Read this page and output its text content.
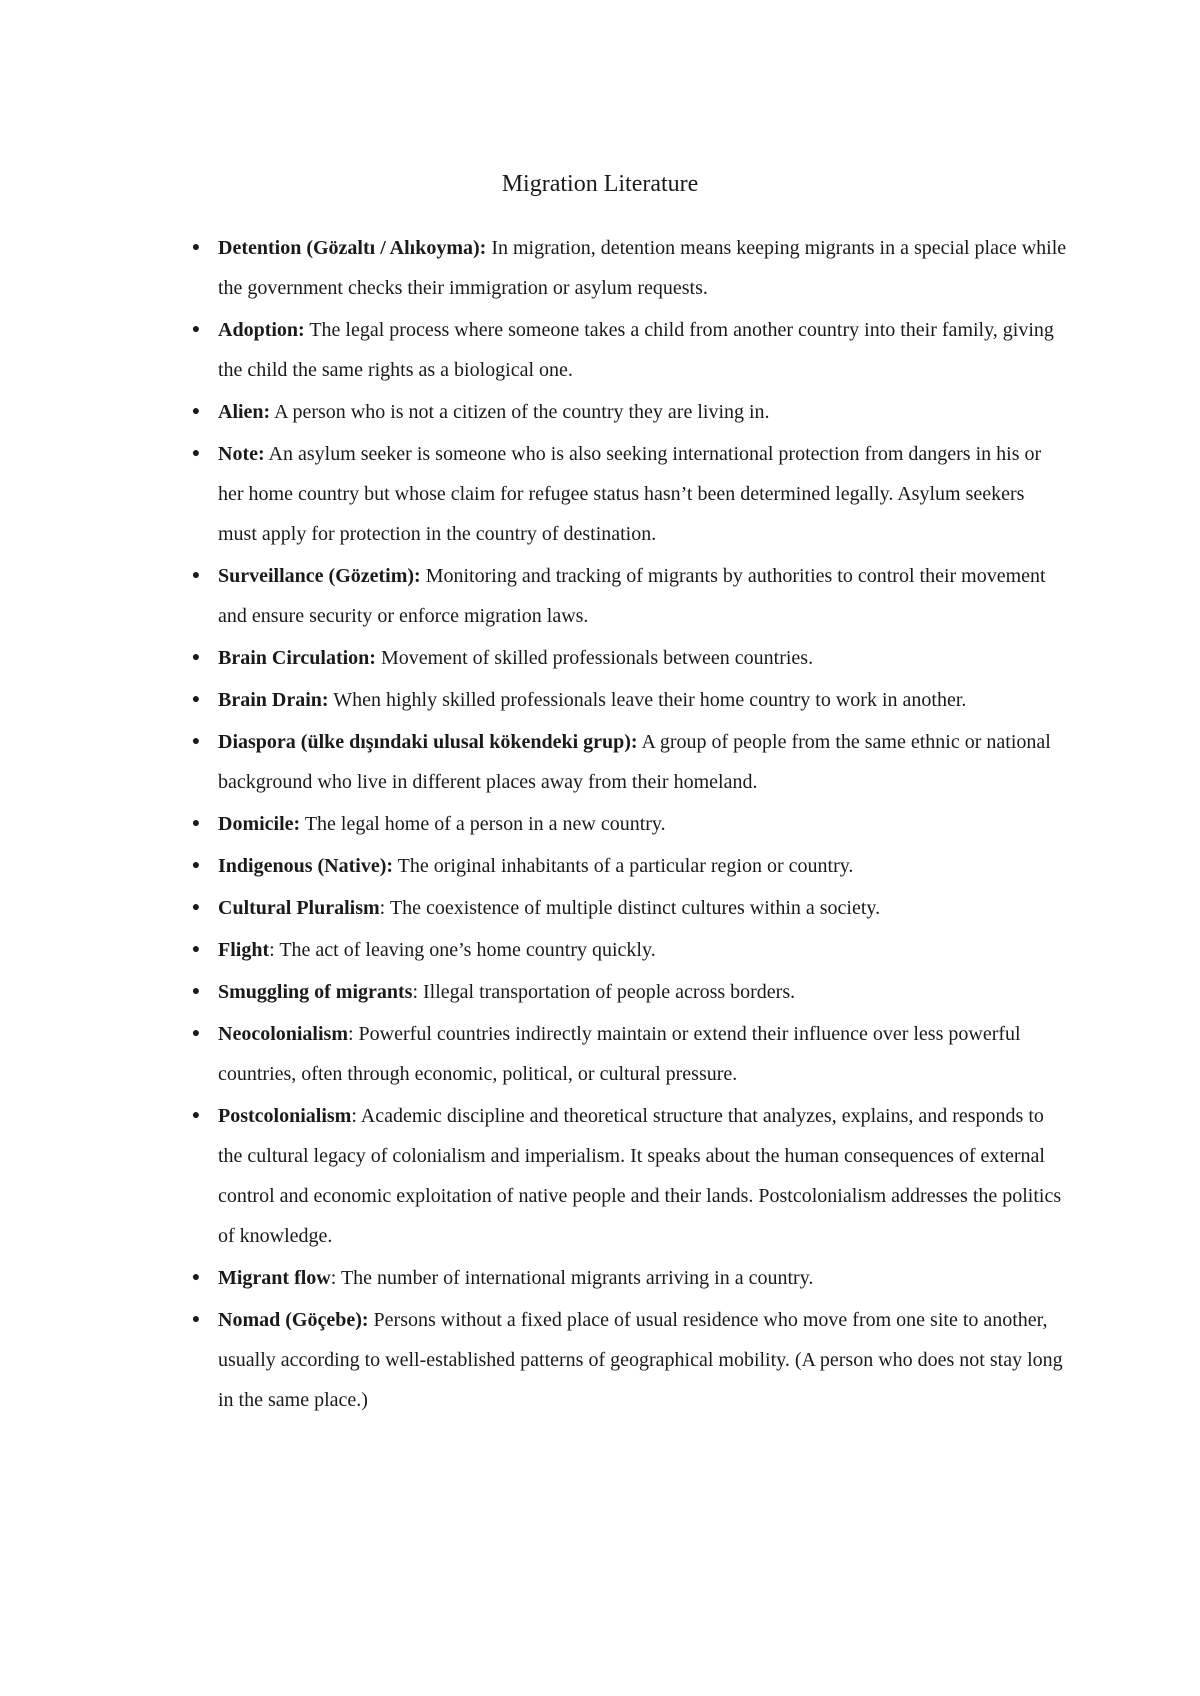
Migration Literature
● Detention (Gözaltı / Alıkoyma): In migration, detention means keeping migrants in a special place while the government checks their immigration or asylum requests.
● Adoption: The legal process where someone takes a child from another country into their family, giving the child the same rights as a biological one.
● Alien: A person who is not a citizen of the country they are living in.
● Note: An asylum seeker is someone who is also seeking international protection from dangers in his or her home country but whose claim for refugee status hasn’t been determined legally. Asylum seekers must apply for protection in the country of destination.
● Surveillance (Gözetim): Monitoring and tracking of migrants by authorities to control their movement and ensure security or enforce migration laws.
● Brain Circulation: Movement of skilled professionals between countries.
● Brain Drain: When highly skilled professionals leave their home country to work in another.
● Diaspora (ülke dışındaki ulusal kökendeki grup): A group of people from the same ethnic or national background who live in different places away from their homeland.
● Domicile: The legal home of a person in a new country.
● Indigenous (Native): The original inhabitants of a particular region or country.
● Cultural Pluralism: The coexistence of multiple distinct cultures within a society.
● Flight: The act of leaving one’s home country quickly.
● Smuggling of migrants: Illegal transportation of people across borders.
● Neocolonialism: Powerful countries indirectly maintain or extend their influence over less powerful countries, often through economic, political, or cultural pressure.
● Postcolonialism: Academic discipline and theoretical structure that analyzes, explains, and responds to the cultural legacy of colonialism and imperialism. It speaks about the human consequences of external control and economic exploitation of native people and their lands. Postcolonialism addresses the politics of knowledge.
● Migrant flow: The number of international migrants arriving in a country.
● Nomad (Göçebe): Persons without a fixed place of usual residence who move from one site to another, usually according to well-established patterns of geographical mobility. (A person who does not stay long in the same place.)
